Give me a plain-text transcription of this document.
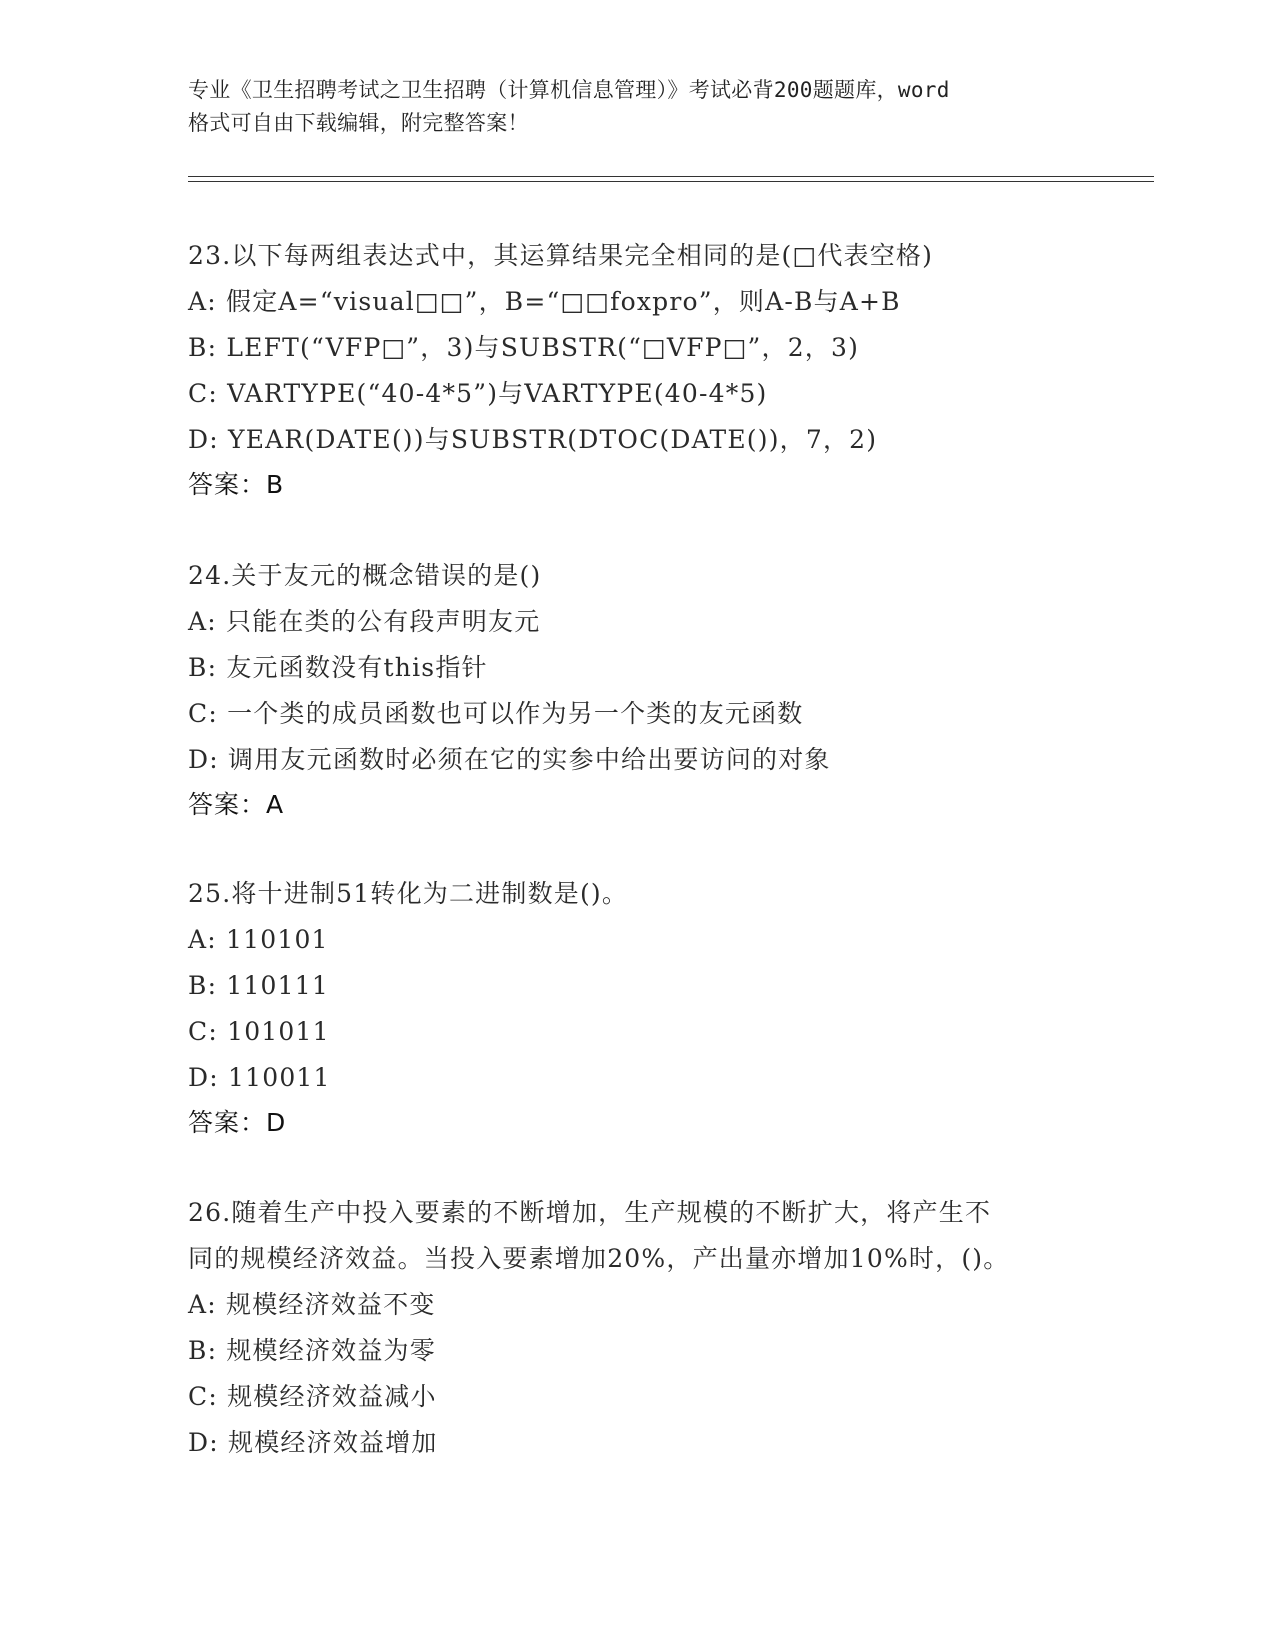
专业《卫生招聘考试之卫生招聘（计算机信息管理）》考试必背200题题库，word
格式可自由下载编辑，附完整答案！
23.以下每两组表达式中，其运算结果完全相同的是(□代表空格)
A: 假定A=“visual□□”，B=“□□foxpro”，则A-B与A+B
B: LEFT(“VFP□”，3)与SUBSTR(“□VFP□”，2，3)
C: VARTYPE(“40-4*5”)与VARTYPE(40-4*5)
D: YEAR(DATE())与SUBSTR(DTOC(DATE())，7，2)
答案：B
24.关于友元的概念错误的是()
A: 只能在类的公有段声明友元
B: 友元函数没有this指针
C: 一个类的成员函数也可以作为另一个类的友元函数
D: 调用友元函数时必须在它的实参中给出要访问的对象
答案：A
25.将十进制51转化为二进制数是()。
A: 110101
B: 110111
C: 101011
D: 110011
答案：D
26.随着生产中投入要素的不断增加，生产规模的不断扩大，将产生不
同的规模经济效益。当投入要素增加20%，产出量亦增加10%时，()。
A: 规模经济效益不变
B: 规模经济效益为零
C: 规模经济效益减小
D: 规模经济效益增加
